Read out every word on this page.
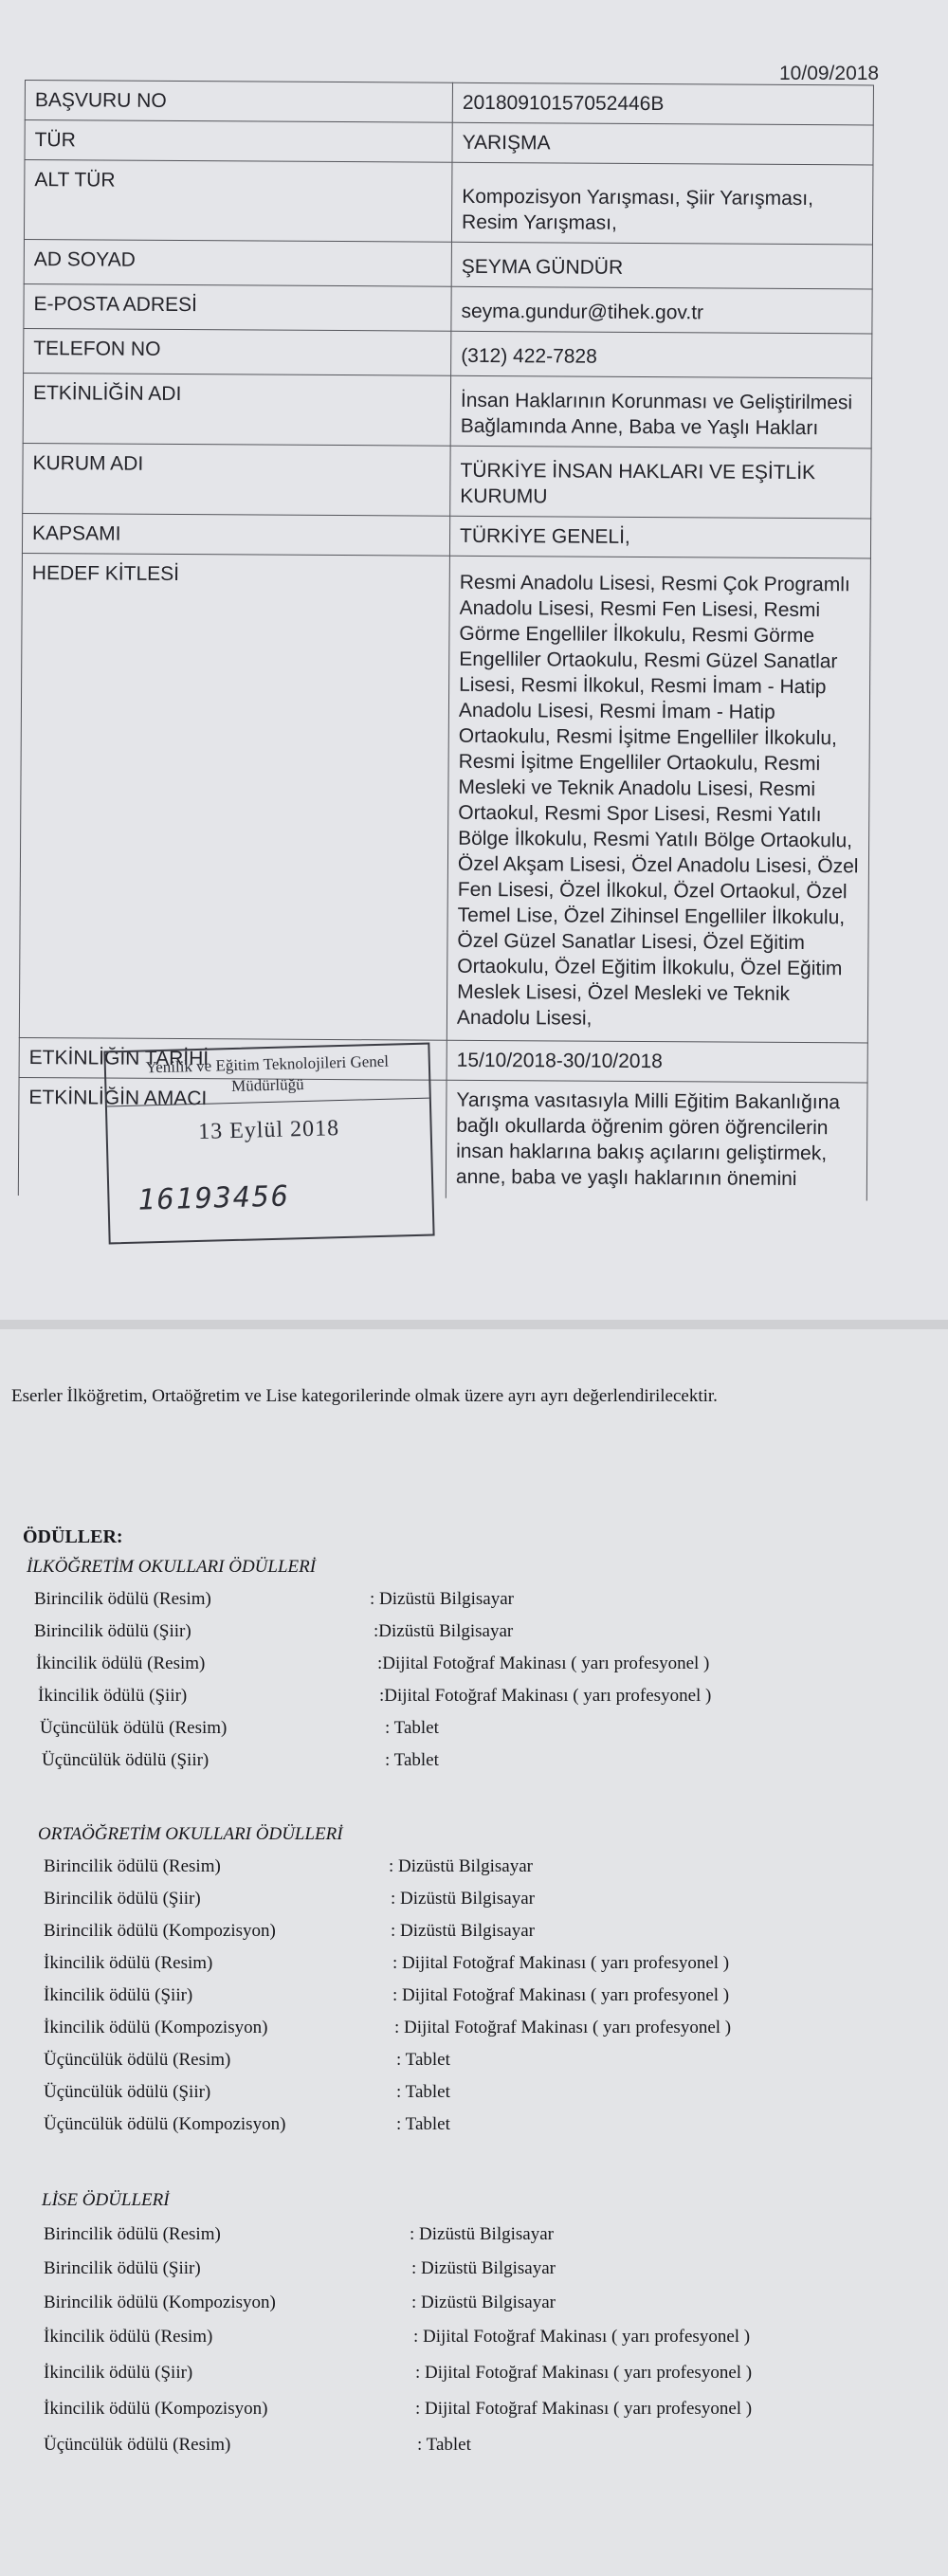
10/09/2018
BAŞVURU NO	20180910157052446B
TÜR	YARIŞMA
ALT TÜR	Kompozisyon Yarışması, Şiir Yarışması, Resim Yarışması,
AD SOYAD	ŞEYMA GÜNDÜR
E-POSTA ADRESİ	seyma.gundur@tihek.gov.tr
TELEFON NO	(312) 422-7828
ETKİNLİĞİN ADI	İnsan Haklarının Korunması ve Geliştirilmesi Bağlamında Anne, Baba ve Yaşlı Hakları
KURUM ADI	TÜRKİYE İNSAN HAKLARI VE EŞİTLİK KURUMU
KAPSAMI	TÜRKİYE GENELİ,
HEDEF KİTLESİ	Resmi Anadolu Lisesi, Resmi Çok Programlı Anadolu Lisesi, Resmi Fen Lisesi, Resmi Görme Engelliler İlkokulu, Resmi Görme Engelliler Ortaokulu, Resmi Güzel Sanatlar Lisesi, Resmi İlkokul, Resmi İmam - Hatip Anadolu Lisesi, Resmi İmam - Hatip Ortaokulu, Resmi İşitme Engelliler İlkokulu, Resmi İşitme Engelliler Ortaokulu, Resmi Mesleki ve Teknik Anadolu Lisesi, Resmi Ortaokul, Resmi Spor Lisesi, Resmi Yatılı Bölge İlkokulu, Resmi Yatılı Bölge Ortaokulu, Özel Akşam Lisesi, Özel Anadolu Lisesi, Özel Fen Lisesi, Özel İlkokul, Özel Ortaokul, Özel Temel Lise, Özel Zihinsel Engelliler İlkokulu, Özel Güzel Sanatlar Lisesi, Özel Eğitim Ortaokulu, Özel Eğitim İlkokulu, Özel Eğitim Meslek Lisesi, Özel Mesleki ve Teknik Anadolu Lisesi,
ETKİNLİĞİN TARİHİ	15/10/2018-30/10/2018
ETKİNLİĞİN AMACI	Yarışma vasıtasıyla Milli Eğitim Bakanlığına bağlı okullarda öğrenim gören öğrencilerin insan haklarına bakış açılarını geliştirmek, anne, baba ve yaşlı haklarının önemini
Yenilik ve Eğitim Teknolojileri Genel Müdürlüğü
13 Eylül 2018
16193456
Eserler İlköğretim, Ortaöğretim ve Lise kategorilerinde olmak üzere ayrı ayrı değerlendirilecektir.
ÖDÜLLER:
İLKÖĞRETİM OKULLARI ÖDÜLLERİ
Birincilik ödülü (Resim)	: Dizüstü Bilgisayar
Birincilik ödülü (Şiir)	:Dizüstü Bilgisayar
İkincilik ödülü (Resim)	:Dijital Fotoğraf Makinası ( yarı profesyonel )
İkincilik ödülü (Şiir)	:Dijital Fotoğraf Makinası ( yarı profesyonel )
Üçüncülük ödülü (Resim)	: Tablet
Üçüncülük ödülü (Şiir)	: Tablet
ORTAÖĞRETİM OKULLARI ÖDÜLLERİ
Birincilik ödülü (Resim)	: Dizüstü Bilgisayar
Birincilik ödülü (Şiir)	: Dizüstü Bilgisayar
Birincilik ödülü (Kompozisyon)	: Dizüstü Bilgisayar
İkincilik ödülü (Resim)	: Dijital Fotoğraf Makinası ( yarı profesyonel )
İkincilik ödülü (Şiir)	: Dijital Fotoğraf Makinası ( yarı profesyonel )
İkincilik ödülü (Kompozisyon)	: Dijital Fotoğraf Makinası ( yarı profesyonel )
Üçüncülük ödülü (Resim)	: Tablet
Üçüncülük ödülü (Şiir)	: Tablet
Üçüncülük ödülü (Kompozisyon)	: Tablet
LİSE ÖDÜLLERİ
Birincilik ödülü (Resim)	: Dizüstü Bilgisayar
Birincilik ödülü (Şiir)	: Dizüstü Bilgisayar
Birincilik ödülü (Kompozisyon)	: Dizüstü Bilgisayar
İkincilik ödülü (Resim)	: Dijital Fotoğraf Makinası ( yarı profesyonel )
İkincilik ödülü (Şiir)	: Dijital Fotoğraf Makinası ( yarı profesyonel )
İkincilik ödülü (Kompozisyon)	: Dijital Fotoğraf Makinası ( yarı profesyonel )
Üçüncülük ödülü (Resim)	: Tablet
